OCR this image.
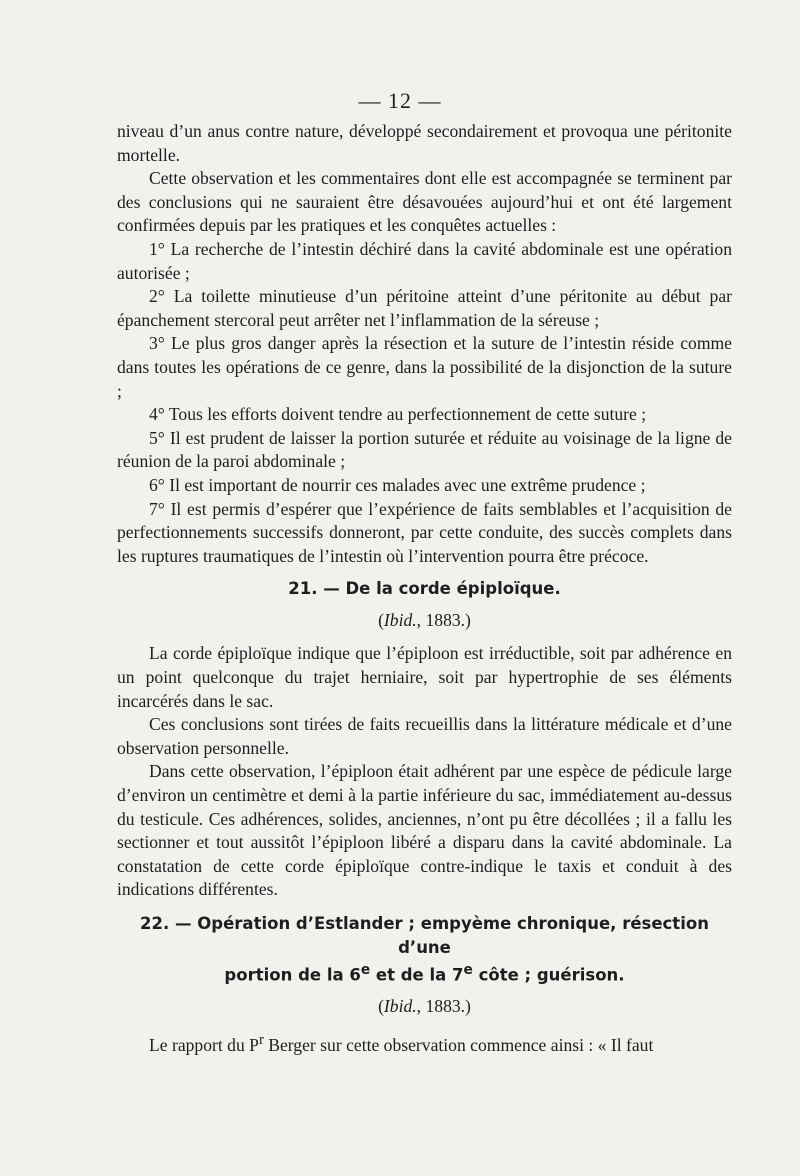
— 12 —

niveau d’un anus contre nature, développé secondairement et provoqua une péritonite mortelle.

Cette observation et les commentaires dont elle est accompagnée se terminent par des conclusions qui ne sauraient être désavouées aujourd’hui et ont été largement confirmées depuis par les pratiques et les conquêtes actuelles :

1° La recherche de l’intestin déchiré dans la cavité abdominale est une opération autorisée ;

2° La toilette minutieuse d’un péritoine atteint d’une péritonite au début par épanchement stercoral peut arrêter net l’inflammation de la séreuse ;

3° Le plus gros danger après la résection et la suture de l’intestin réside comme dans toutes les opérations de ce genre, dans la possibilité de la disjonction de la suture ;

4° Tous les efforts doivent tendre au perfectionnement de cette suture ;

5° Il est prudent de laisser la portion suturée et réduite au voisinage de la ligne de réunion de la paroi abdominale ;

6° Il est important de nourrir ces malades avec une extrême prudence ;

7° Il est permis d’espérer que l’expérience de faits semblables et l’acquisition de perfectionnements successifs donneront, par cette conduite, des succès complets dans les ruptures traumatiques de l’intestin où l’intervention pourra être précoce.

21. — De la corde épiploïque.

(Ibid., 1883.)

La corde épiploïque indique que l’épiploon est irréductible, soit par adhérence en un point quelconque du trajet herniaire, soit par hypertrophie de ses éléments incarcérés dans le sac.

Ces conclusions sont tirées de faits recueillis dans la littérature médicale et d’une observation personnelle.

Dans cette observation, l’épiploon était adhérent par une espèce de pédicule large d’environ un centimètre et demi à la partie inférieure du sac, immédiatement au-dessus du testicule. Ces adhérences, solides, anciennes, n’ont pu être décollées ; il a fallu les sectionner et tout aussitôt l’épiploon libéré a disparu dans la cavité abdominale. La constatation de cette corde épiploïque contre-indique le taxis et conduit à des indications différentes.

22. — Opération d’Estlander ; empyème chronique, résection d’une
portion de la 6e et de la 7e côte ; guérison.

(Ibid., 1883.)

Le rapport du $P^r$ Berger sur cette observation commence ainsi : « Il faut
